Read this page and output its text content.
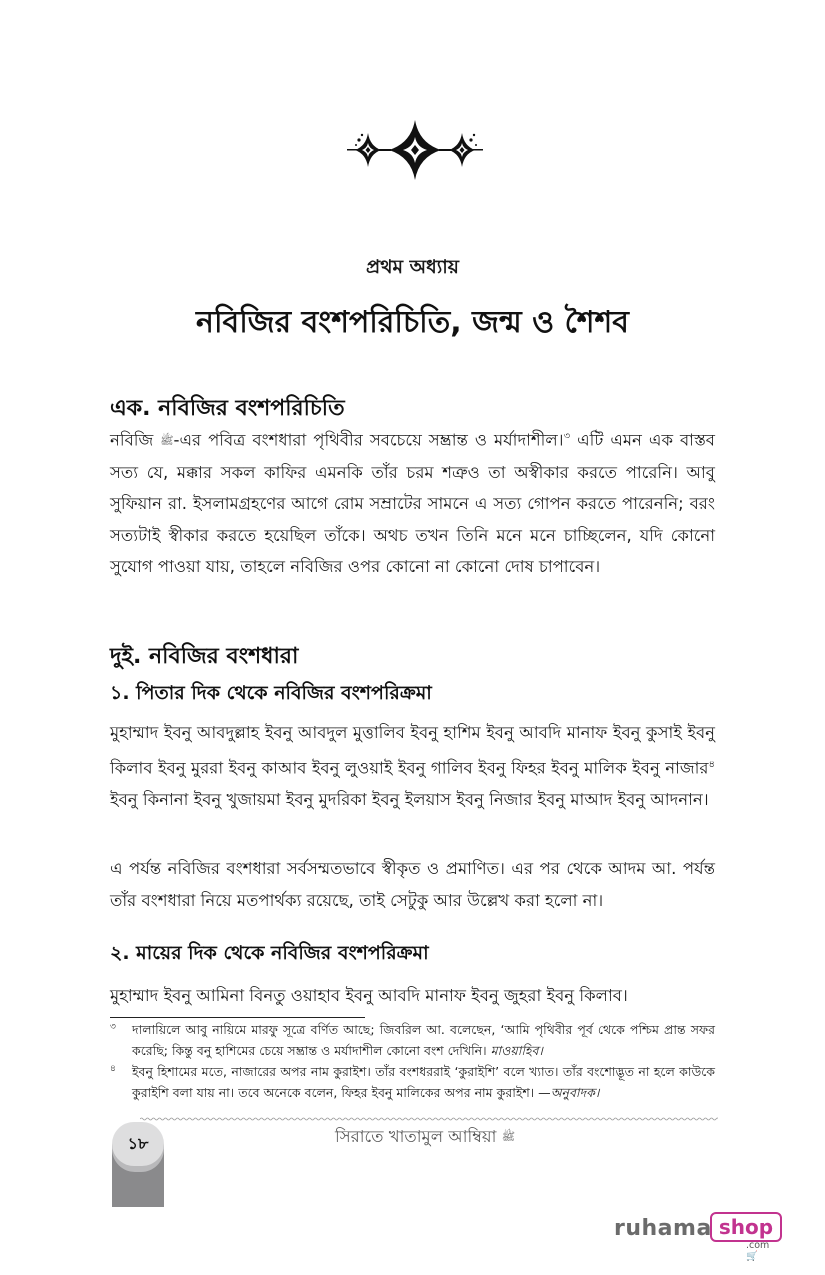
প্রথম অধ্যায়
নবিজির বংশপরিচিতি, জন্ম ও শৈশব
এক. নবিজির বংশপরিচিতি

নবিজি ﷺ-এর পবিত্র বংশধারা পৃথিবীর সবচেয়ে সম্ভ্রান্ত ও মর্যাদাশীল।$^৩$ এটি এমন এক বাস্তব সত্য যে, মক্কার সকল কাফির এমনকি তাঁর চরম শত্রুও তা অস্বীকার করতে পারেনি। আবু সুফিয়ান রা. ইসলামগ্রহণের আগে রোম সম্রাটের সামনে এ সত্য গোপন করতে পারেননি; বরং সত্যটাই স্বীকার করতে হয়েছিল তাঁকে। অথচ তখন তিনি মনে মনে চাচ্ছিলেন, যদি কোনো সুযোগ পাওয়া যায়, তাহলে নবিজির ওপর কোনো না কোনো দোষ চাপাবেন।

দুই. নবিজির বংশধারা
১. পিতার দিক থেকে নবিজির বংশপরিক্রমা

মুহাম্মাদ ইবনু আবদুল্লাহ ইবনু আবদুল মুত্তালিব ইবনু হাশিম ইবনু আবদি মানাফ ইবনু কুসাই ইবনু কিলাব ইবনু মুররা ইবনু কাআব ইবনু লুওয়াই ইবনু গালিব ইবনু ফিহর ইবনু মালিক ইবনু নাজার$^৪$ ইবনু কিনানা ইবনু খুজায়মা ইবনু মুদরিকা ইবনু ইলয়াস ইবনু নিজার ইবনু মাআদ ইবনু আদনান।

এ পর্যন্ত নবিজির বংশধারা সর্বসম্মতভাবে স্বীকৃত ও প্রমাণিত। এর পর থেকে আদম আ. পর্যন্ত তাঁর বংশধারা নিয়ে মতপার্থক্য রয়েছে, তাই সেটুকু আর উল্লেখ করা হলো না।

২. মায়ের দিক থেকে নবিজির বংশপরিক্রমা

মুহাম্মাদ ইবনু আমিনা বিনতু ওয়াহাব ইবনু আবদি মানাফ ইবনু জুহরা ইবনু কিলাব।

৩	দালায়িলে আবু নায়িমে মারফু সূত্রে বর্ণিত আছে; জিবরিল আ. বলেছেন, ‘আমি পৃথিবীর পূর্ব থেকে পশ্চিম প্রান্ত সফর করেছি; কিন্তু বনু হাশিমের চেয়ে সম্ভ্রান্ত ও মর্যাদাশীল কোনো বংশ দেখিনি। মাওয়াহিব।
৪	ইবনু হিশামের মতে, নাজারের অপর নাম কুরাইশ। তাঁর বংশধররাই ‘কুরাইশি’ বলে খ্যাত। তাঁর বংশোদ্ভূত না হলে কাউকে কুরাইশি বলা যায় না। তবে অনেকে বলেন, ফিহর ইবনু মালিকের অপর নাম কুরাইশ। —অনুবাদক।
১৮	সিরাতে খাতামুল আম্বিয়া ﷺ
ruhama shop
.com 🛒
